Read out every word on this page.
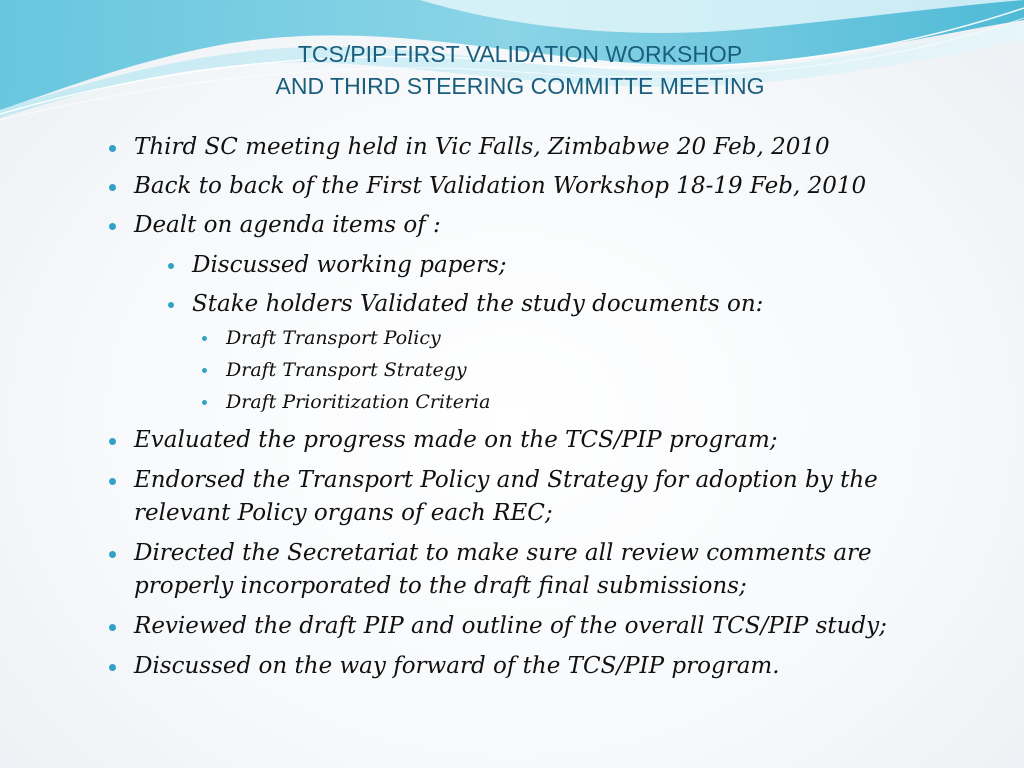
TCS/PIP FIRST VALIDATION WORKSHOP
AND THIRD STEERING COMMITTE MEETING
Third SC meeting held in Vic Falls, Zimbabwe 20 Feb, 2010
Back to back of the First Validation Workshop 18-19 Feb, 2010
Dealt on agenda items of :
Discussed working papers;
Stake holders Validated the study documents on:
Draft Transport Policy
Draft Transport Strategy
Draft Prioritization Criteria
Evaluated the progress made on the TCS/PIP program;
Endorsed the Transport Policy and Strategy for adoption by the
relevant Policy organs of each REC;
Directed the Secretariat to make sure all review comments are
properly incorporated to the draft final submissions;
Reviewed the draft PIP and outline of the overall TCS/PIP study;
Discussed on the way forward of the TCS/PIP program.
